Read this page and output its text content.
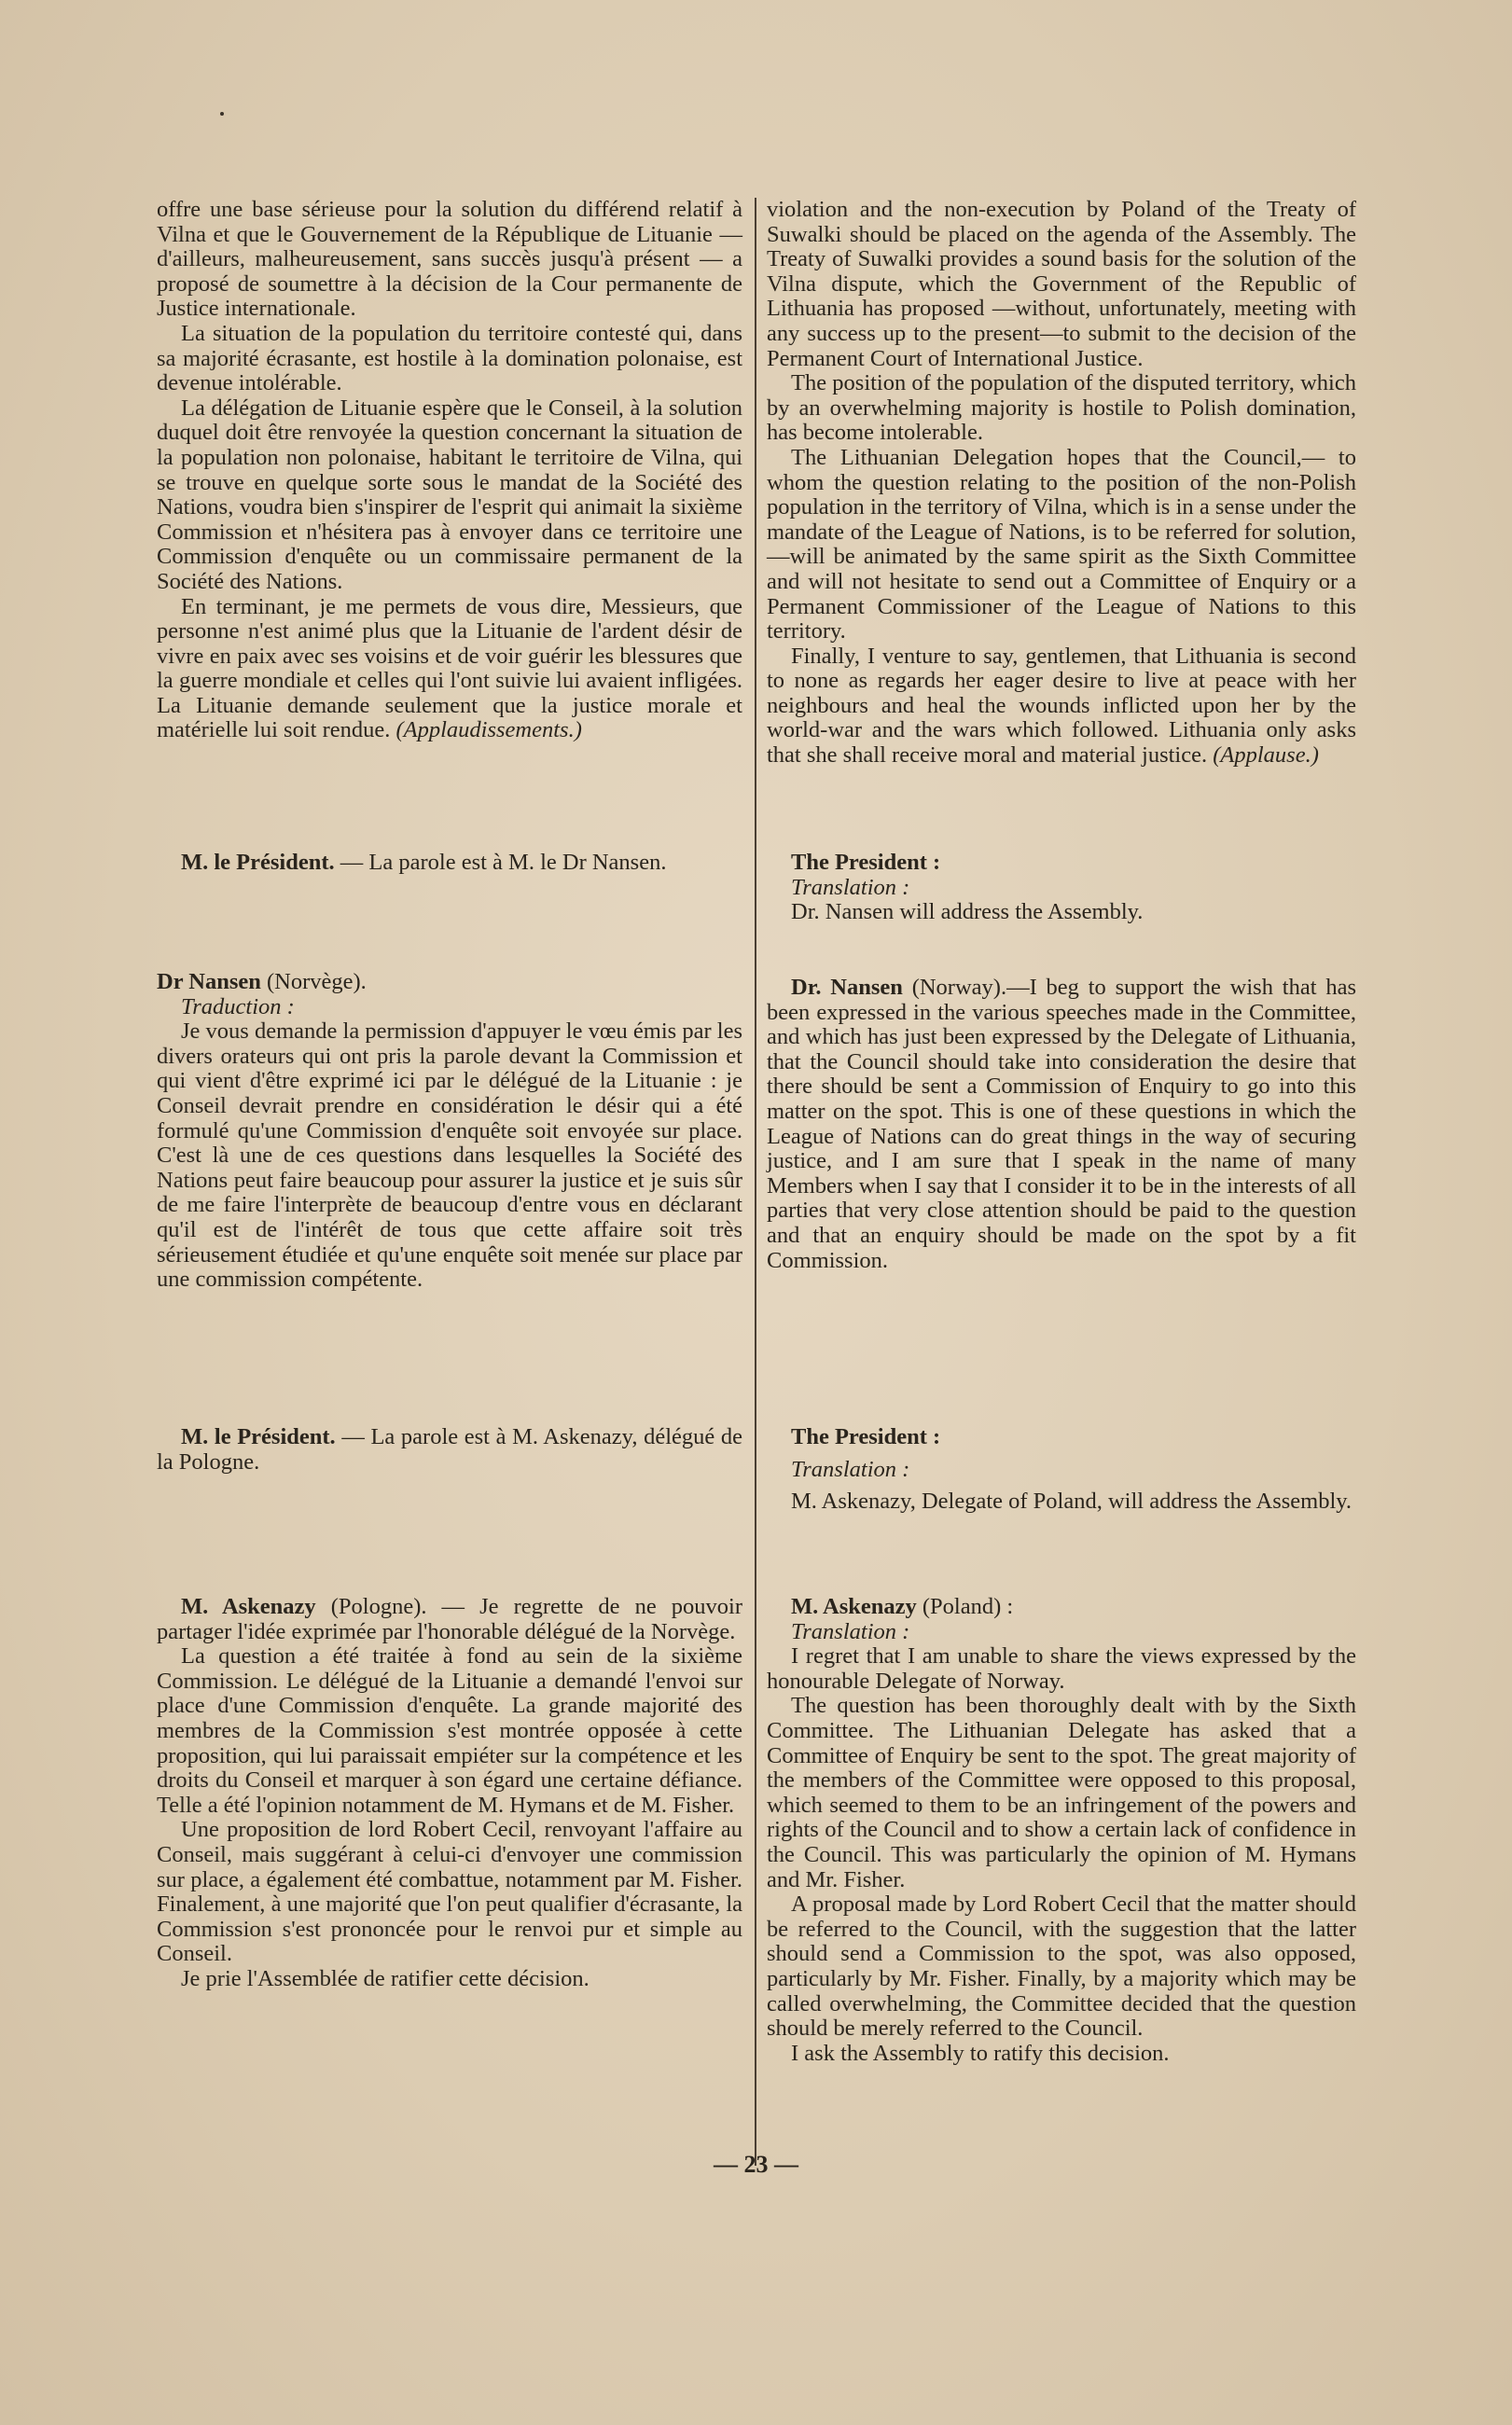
offre une base sérieuse pour la solution du différend relatif à Vilna et que le Gouvernement de la République de Lituanie — d'ailleurs, malheureusement, sans succès jusqu'à présent — a proposé de soumettre à la décision de la Cour permanente de Justice internationale.

La situation de la population du territoire contesté qui, dans sa majorité écrasante, est hostile à la domination polonaise, est devenue intolérable.

La délégation de Lituanie espère que le Conseil, à la solution duquel doit être renvoyée la question concernant la situation de la population non polonaise, habitant le territoire de Vilna, qui se trouve en quelque sorte sous le mandat de la Société des Nations, voudra bien s'inspirer de l'esprit qui animait la sixième Commission et n'hésitera pas à envoyer dans ce territoire une Commission d'enquête ou un commissaire permanent de la Société des Nations.

En terminant, je me permets de vous dire, Messieurs, que personne n'est animé plus que la Lituanie de l'ardent désir de vivre en paix avec ses voisins et de voir guérir les blessures que la guerre mondiale et celles qui l'ont suivie lui avaient infligées. La Lituanie demande seulement que la justice morale et matérielle lui soit rendue. (Applaudissements.)

M. le Président. — La parole est à M. le Dr Nansen.

Dr Nansen (Norvège).

Traduction :

Je vous demande la permission d'appuyer le vœu émis par les divers orateurs qui ont pris la parole devant la Commission et qui vient d'être exprimé ici par le délégué de la Lituanie : je Conseil devrait prendre en considération le désir qui a été formulé qu'une Commission d'enquête soit envoyée sur place. C'est là une de ces questions dans lesquelles la Société des Nations peut faire beaucoup pour assurer la justice et je suis sûr de me faire l'interprète de beaucoup d'entre vous en déclarant qu'il est de l'intérêt de tous que cette affaire soit très sérieusement étudiée et qu'une enquête soit menée sur place par une commission compétente.

M. le Président. — La parole est à M. Askenazy, délégué de la Pologne.

M. Askenazy (Pologne). — Je regrette de ne pouvoir partager l'idée exprimée par l'honorable délégué de la Norvège.

La question a été traitée à fond au sein de la sixième Commission. Le délégué de la Lituanie a demandé l'envoi sur place d'une Commission d'enquête. La grande majorité des membres de la Commission s'est montrée opposée à cette proposition, qui lui paraissait empiéter sur la compétence et les droits du Conseil et marquer à son égard une certaine défiance. Telle a été l'opinion notamment de M. Hymans et de M. Fisher.

Une proposition de lord Robert Cecil, renvoyant l'affaire au Conseil, mais suggérant à celui-ci d'envoyer une commission sur place, a également été combattue, notamment par M. Fisher. Finalement, à une majorité que l'on peut qualifier d'écrasante, la Commission s'est prononcée pour le renvoi pur et simple au Conseil.

Je prie l'Assemblée de ratifier cette décision.

violation and the non-execution by Poland of the Treaty of Suwalki should be placed on the agenda of the Assembly. The Treaty of Suwalki provides a sound basis for the solution of the Vilna dispute, which the Government of the Republic of Lithuania has proposed —without, unfortunately, meeting with any success up to the present—to submit to the decision of the Permanent Court of International Justice.

The position of the population of the disputed territory, which by an overwhelming majority is hostile to Polish domination, has become intolerable.

The Lithuanian Delegation hopes that the Council,— to whom the question relating to the position of the non-Polish population in the territory of Vilna, which is in a sense under the mandate of the League of Nations, is to be referred for solution,—will be animated by the same spirit as the Sixth Committee and will not hesitate to send out a Committee of Enquiry or a Permanent Commissioner of the League of Nations to this territory.

Finally, I venture to say, gentlemen, that Lithuania is second to none as regards her eager desire to live at peace with her neighbours and heal the wounds inflicted upon her by the world-war and the wars which followed. Lithuania only asks that she shall receive moral and material justice. (Applause.)

The President :

Translation :

Dr. Nansen will address the Assembly.

Dr. Nansen (Norway).—I beg to support the wish that has been expressed in the various speeches made in the Committee, and which has just been expressed by the Delegate of Lithuania, that the Council should take into consideration the desire that there should be sent a Commission of Enquiry to go into this matter on the spot. This is one of these questions in which the League of Nations can do great things in the way of securing justice, and I am sure that I speak in the name of many Members when I say that I consider it to be in the interests of all parties that very close attention should be paid to the question and that an enquiry should be made on the spot by a fit Commission.

The President :

Translation :

M. Askenazy, Delegate of Poland, will address the Assembly.

M. Askenazy (Poland) :

Translation :

I regret that I am unable to share the views expressed by the honourable Delegate of Norway.

The question has been thoroughly dealt with by the Sixth Committee. The Lithuanian Delegate has asked that a Committee of Enquiry be sent to the spot. The great majority of the members of the Committee were opposed to this proposal, which seemed to them to be an infringement of the powers and rights of the Council and to show a certain lack of confidence in the Council. This was particularly the opinion of M. Hymans and Mr. Fisher.

A proposal made by Lord Robert Cecil that the matter should be referred to the Council, with the suggestion that the latter should send a Commission to the spot, was also opposed, particularly by Mr. Fisher. Finally, by a majority which may be called overwhelming, the Committee decided that the question should be merely referred to the Council.

I ask the Assembly to ratify this decision.

— 23 —
